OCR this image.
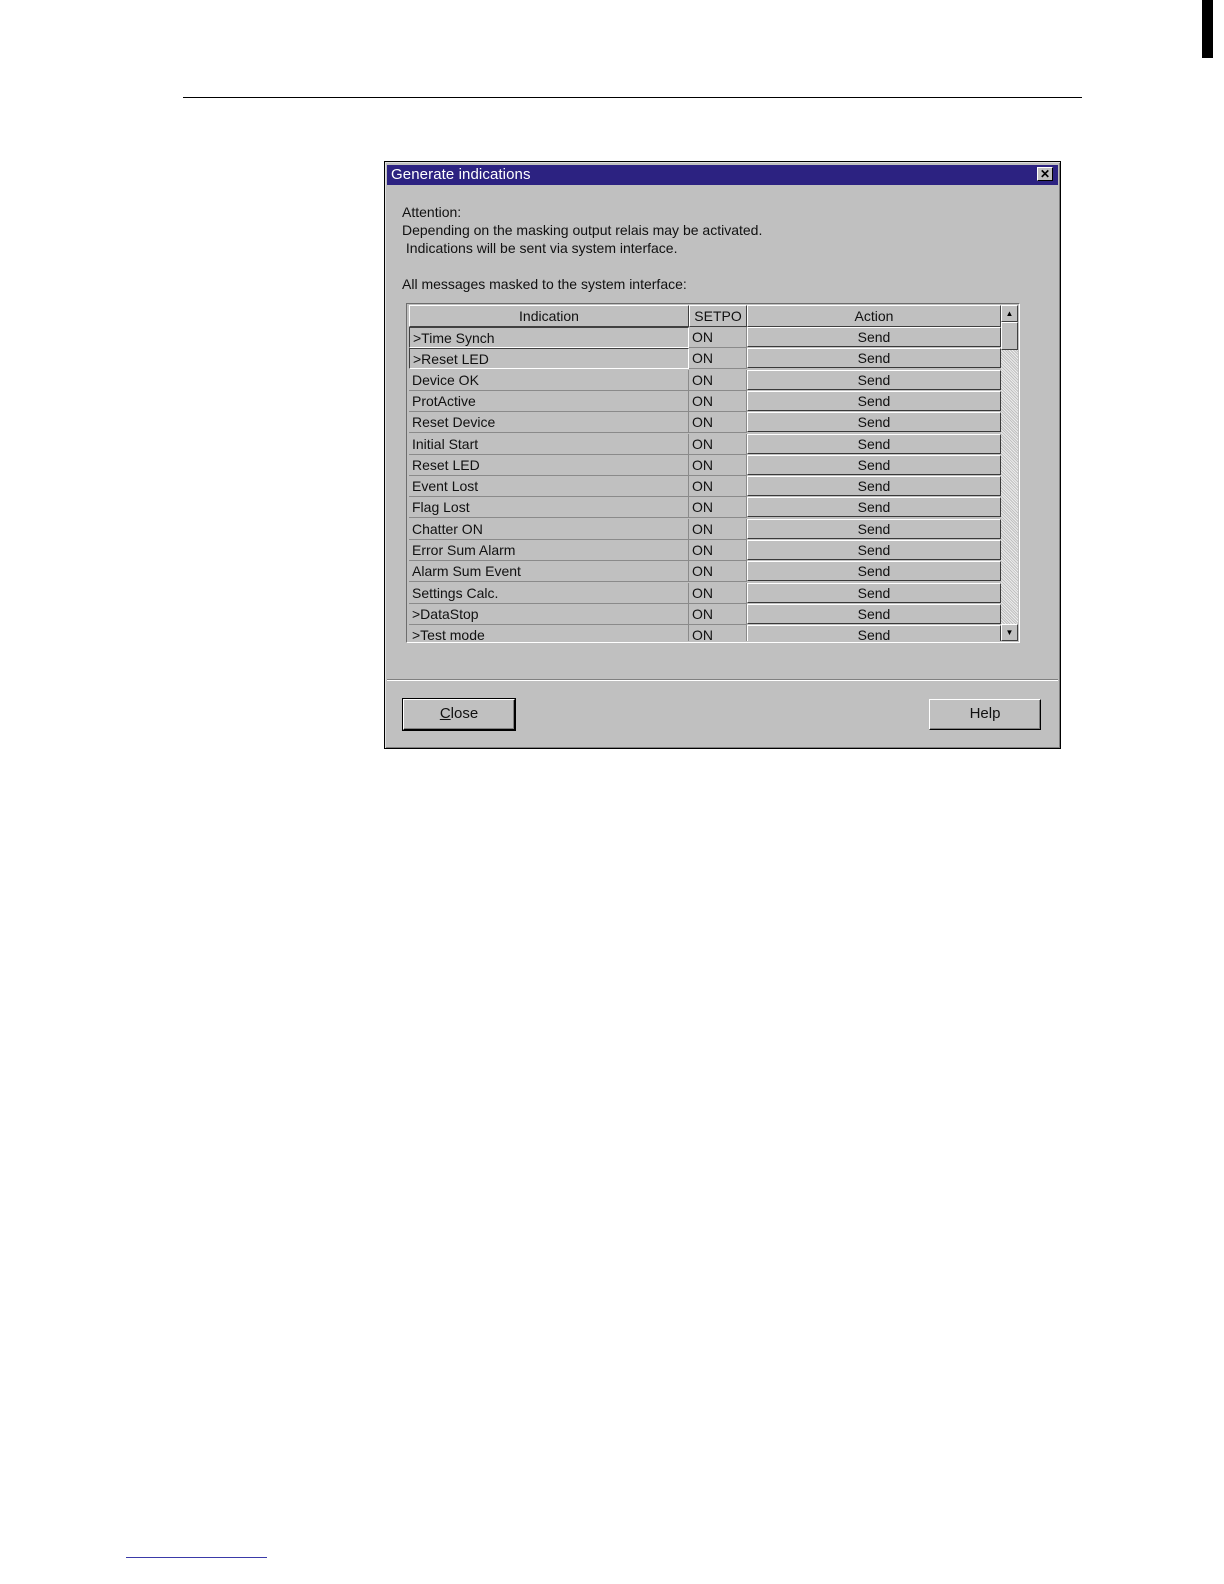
Generate indications	✕
Attention:
Depending on the masking output relais may be activated.
Indications will be sent via system interface.
All messages masked to the system interface:
Indication	SETPO	Action
>Time Synch	ON	Send
>Reset LED	ON	Send
Device OK	ON	Send
ProtActive	ON	Send
Reset Device	ON	Send
Initial Start	ON	Send
Reset LED	ON	Send
Event Lost	ON	Send
Flag Lost	ON	Send
Chatter ON	ON	Send
Error Sum Alarm	ON	Send
Alarm Sum Event	ON	Send
Settings Calc.	ON	Send
>DataStop	ON	Send
>Test mode	ON	Send
▲
▼
Close	Help
